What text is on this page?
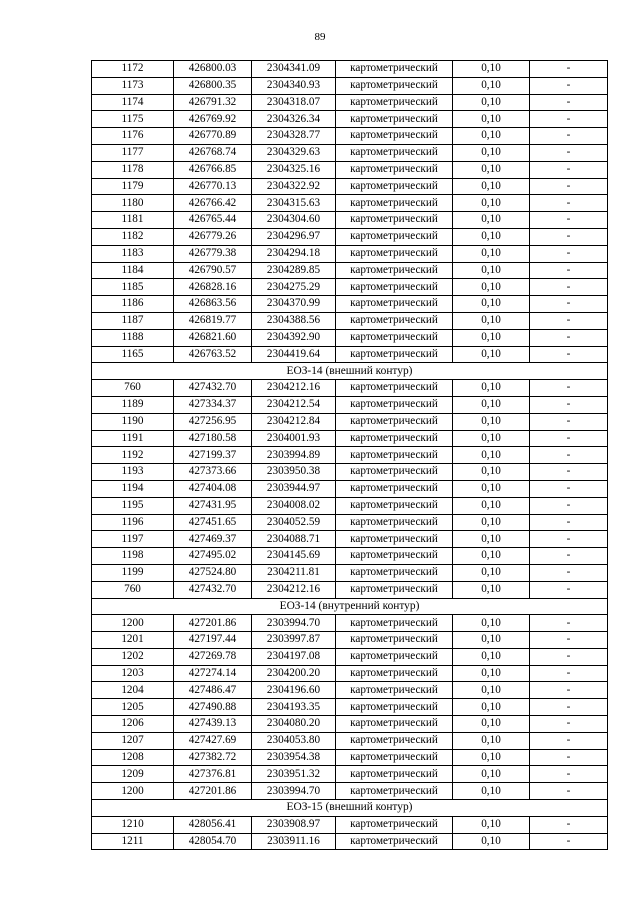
89
1172	426800.03	2304341.09	картометрический	0,10	-
1173	426800.35	2304340.93	картометрический	0,10	-
1174	426791.32	2304318.07	картометрический	0,10	-
1175	426769.92	2304326.34	картометрический	0,10	-
1176	426770.89	2304328.77	картометрический	0,10	-
1177	426768.74	2304329.63	картометрический	0,10	-
1178	426766.85	2304325.16	картометрический	0,10	-
1179	426770.13	2304322.92	картометрический	0,10	-
1180	426766.42	2304315.63	картометрический	0,10	-
1181	426765.44	2304304.60	картометрический	0,10	-
1182	426779.26	2304296.97	картометрический	0,10	-
1183	426779.38	2304294.18	картометрический	0,10	-
1184	426790.57	2304289.85	картометрический	0,10	-
1185	426828.16	2304275.29	картометрический	0,10	-
1186	426863.56	2304370.99	картометрический	0,10	-
1187	426819.77	2304388.56	картометрический	0,10	-
1188	426821.60	2304392.90	картометрический	0,10	-
1165	426763.52	2304419.64	картометрический	0,10	-
ЕОЗ-14 (внешний контур)					
760	427432.70	2304212.16	картометрический	0,10	-
1189	427334.37	2304212.54	картометрический	0,10	-
1190	427256.95	2304212.84	картометрический	0,10	-
1191	427180.58	2304001.93	картометрический	0,10	-
1192	427199.37	2303994.89	картометрический	0,10	-
1193	427373.66	2303950.38	картометрический	0,10	-
1194	427404.08	2303944.97	картометрический	0,10	-
1195	427431.95	2304008.02	картометрический	0,10	-
1196	427451.65	2304052.59	картометрический	0,10	-
1197	427469.37	2304088.71	картометрический	0,10	-
1198	427495.02	2304145.69	картометрический	0,10	-
1199	427524.80	2304211.81	картометрический	0,10	-
760	427432.70	2304212.16	картометрический	0,10	-
ЕОЗ-14 (внутренний контур)					
1200	427201.86	2303994.70	картометрический	0,10	-
1201	427197.44	2303997.87	картометрический	0,10	-
1202	427269.78	2304197.08	картометрический	0,10	-
1203	427274.14	2304200.20	картометрический	0,10	-
1204	427486.47	2304196.60	картометрический	0,10	-
1205	427490.88	2304193.35	картометрический	0,10	-
1206	427439.13	2304080.20	картометрический	0,10	-
1207	427427.69	2304053.80	картометрический	0,10	-
1208	427382.72	2303954.38	картометрический	0,10	-
1209	427376.81	2303951.32	картометрический	0,10	-
1200	427201.86	2303994.70	картометрический	0,10	-
ЕОЗ-15 (внешний контур)					
1210	428056.41	2303908.97	картометрический	0,10	-
1211	428054.70	2303911.16	картометрический	0,10	-
